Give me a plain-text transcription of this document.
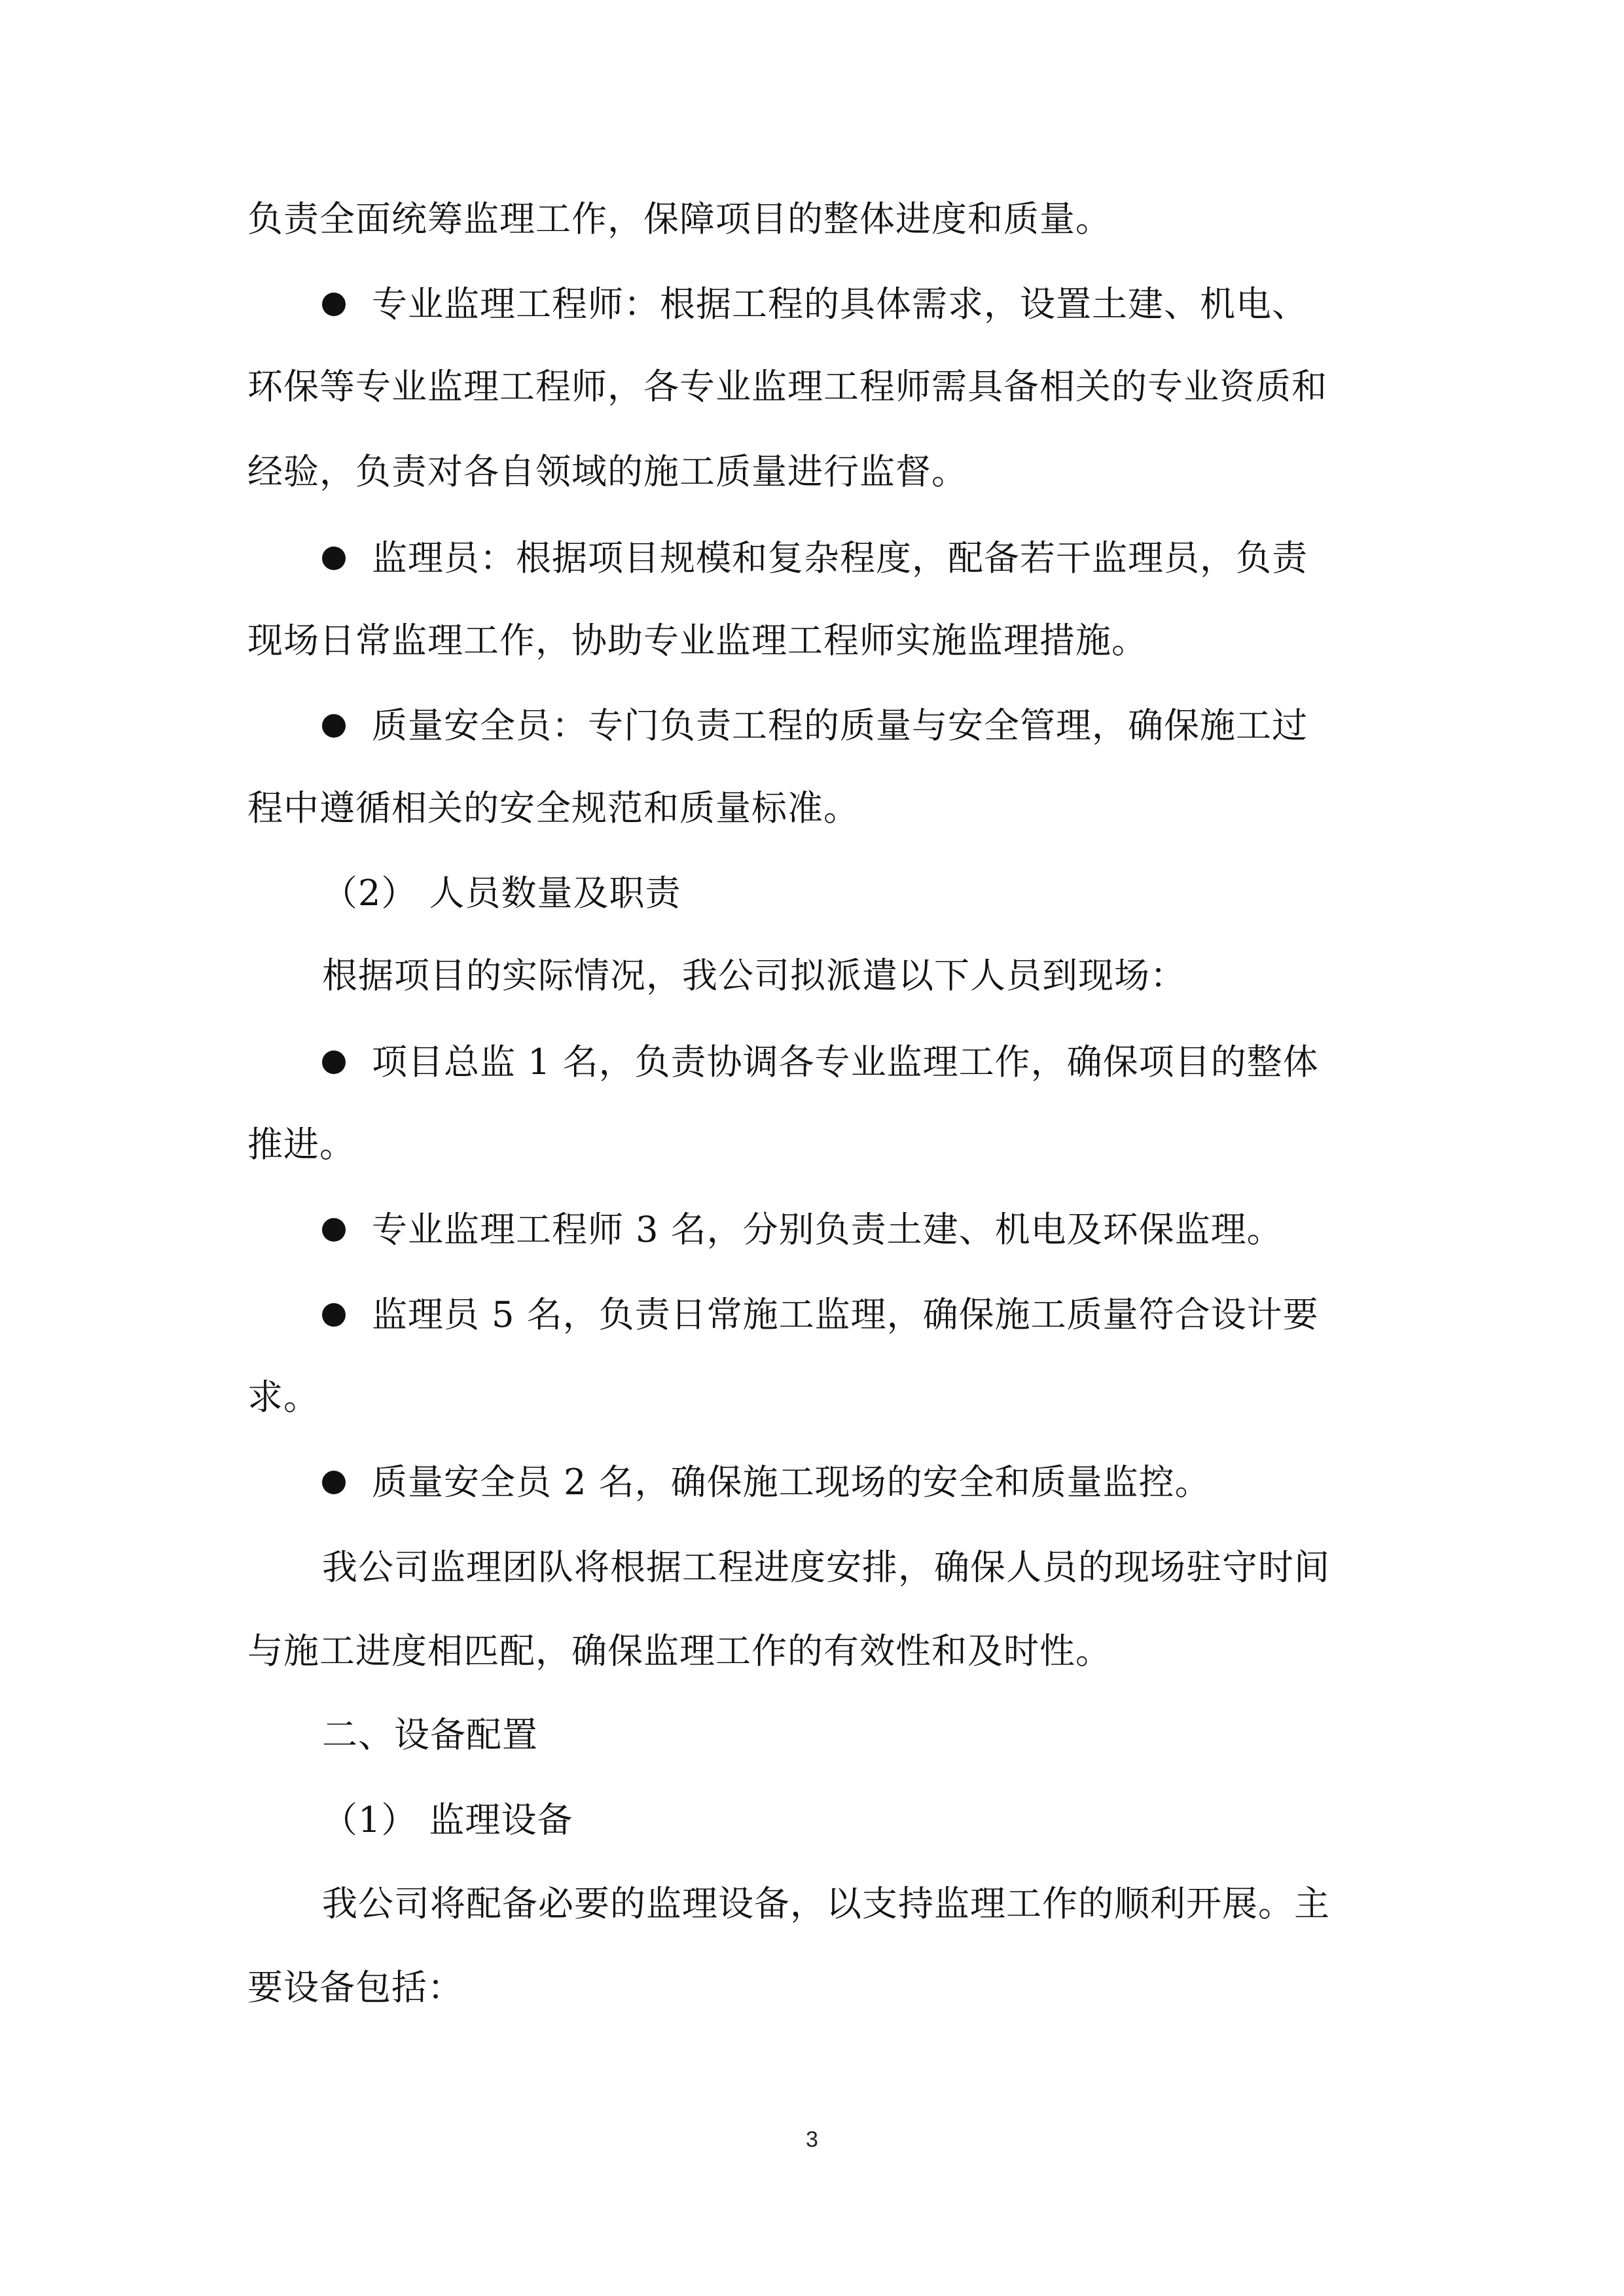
负责全面统筹监理工作，保障项目的整体进度和质量。
专业监理工程师：根据工程的具体需求，设置土建、机电、
环保等专业监理工程师，各专业监理工程师需具备相关的专业资质和
经验，负责对各自领域的施工质量进行监督。
监理员：根据项目规模和复杂程度，配备若干监理员，负责
现场日常监理工作，协助专业监理工程师实施监理措施。
质量安全员：专门负责工程的质量与安全管理，确保施工过
程中遵循相关的安全规范和质量标准。
（2） 人员数量及职责
根据项目的实际情况，我公司拟派遣以下人员到现场：
项目总监 1 名，负责协调各专业监理工作，确保项目的整体
推进。
专业监理工程师 3 名，分别负责土建、机电及环保监理。
监理员 5 名，负责日常施工监理，确保施工质量符合设计要
求。
质量安全员 2 名，确保施工现场的安全和质量监控。
我公司监理团队将根据工程进度安排，确保人员的现场驻守时间
与施工进度相匹配，确保监理工作的有效性和及时性。
二、设备配置
（1） 监理设备
我公司将配备必要的监理设备，以支持监理工作的顺利开展。主
要设备包括：
3
